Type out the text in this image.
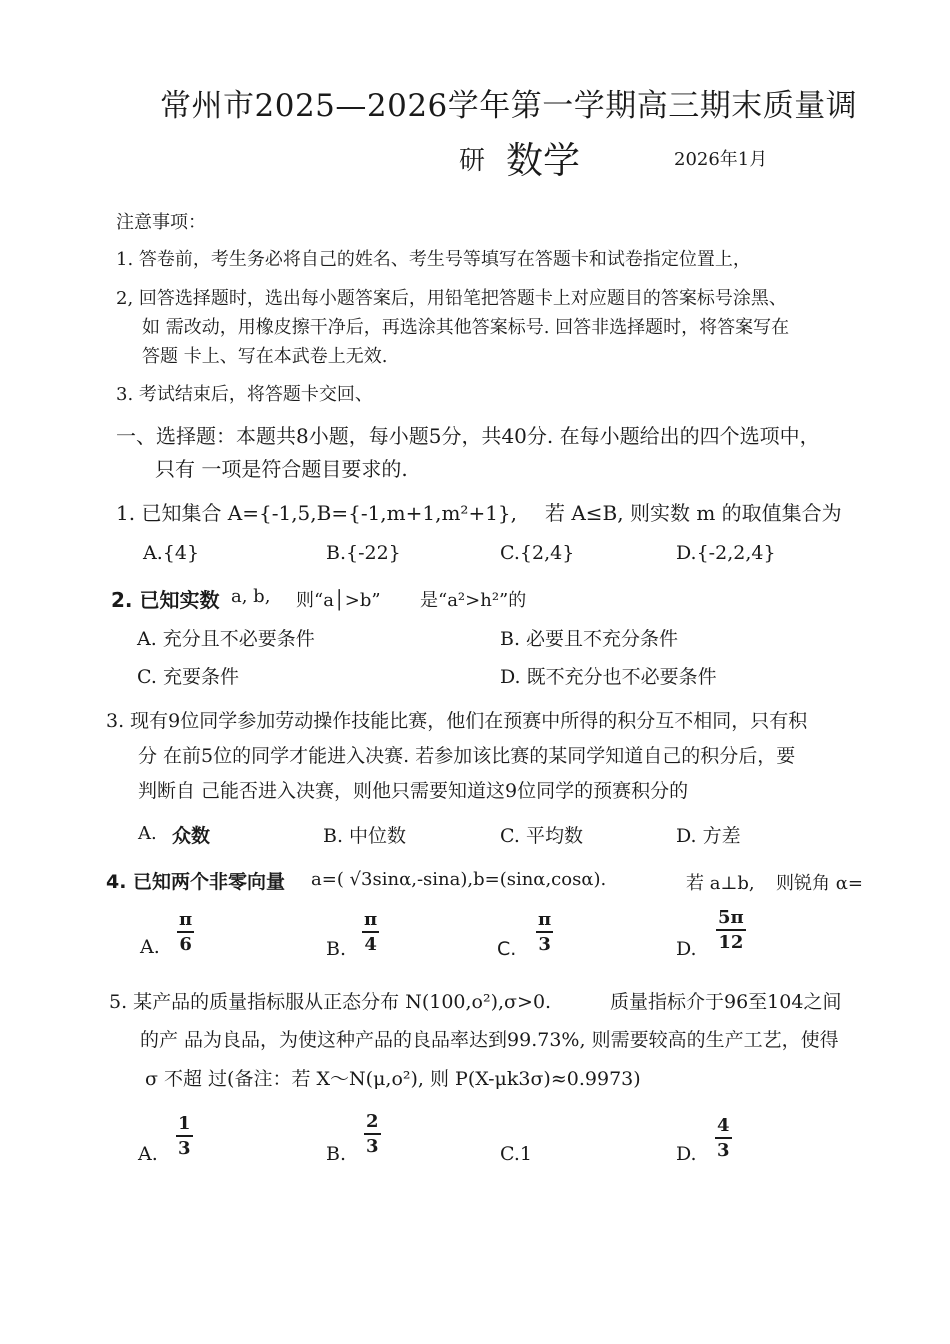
常州市2025—2026学年第一学期高三期末质量调
研 数学	2026年1月
注意事项：
1. 答卷前，考生务必将自己的姓名、考生号等填写在答题卡和试卷指定位置上，
2, 回答选择题时，选出每小题答案后，用铅笔把答题卡上对应题目的答案标号涂黑、
如 需改动，用橡皮擦干净后，再选涂其他答案标号. 回答非选择题时，将答案写在
答题 卡上、写在本武卷上无效.
3. 考试结束后，将答题卡交回、
一、选择题：本题共8小题，每小题5分，共40分. 在每小题给出的四个选项中，
只有 一项是符合题目要求的.
1. 已知集合 A={-1,5,B={-1,m+1,m²+1}, 若 A≤B, 则实数 m 的取值集合为
A.{4}	B.{-22}	C.{2,4}	D.{-2,2,4}
2. 已知实数 a, b, 则“a│>b” 是“a²>h²”的
A. 充分且不必要条件	B. 必要且不充分条件
C. 充要条件	D. 既不充分也不必要条件
3. 现有9位同学参加劳动操作技能比赛，他们在预赛中所得的积分互不相同，只有积
分 在前5位的同学才能进入决赛. 若参加该比赛的某同学知道自己的积分后，要
判断自 己能否进入决赛，则他只需要知道这9位同学的预赛积分的
A. 众数	B. 中位数	C. 平均数	D. 方差
4. 已知两个非零向量 a=( √3sinα,-sina),b=(sinα,cosα).	若 a⊥b, 则锐角 α=
A.
π
6	B.
π
4	C.
π
3	D.
5π
12
5. 某产品的质量指标服从正态分布 N(100,o²),σ>0.	质量指标介于96至104之间
的产 品为良品，为使这种产品的良品率达到99.73%, 则需要较高的生产工艺，使得
σ 不超 过(备注：若 X～N(μ,o²), 则 P(X-μk3σ)≈0.9973)
A.
1
3	B.
2
3	C.1	D.
4
3
